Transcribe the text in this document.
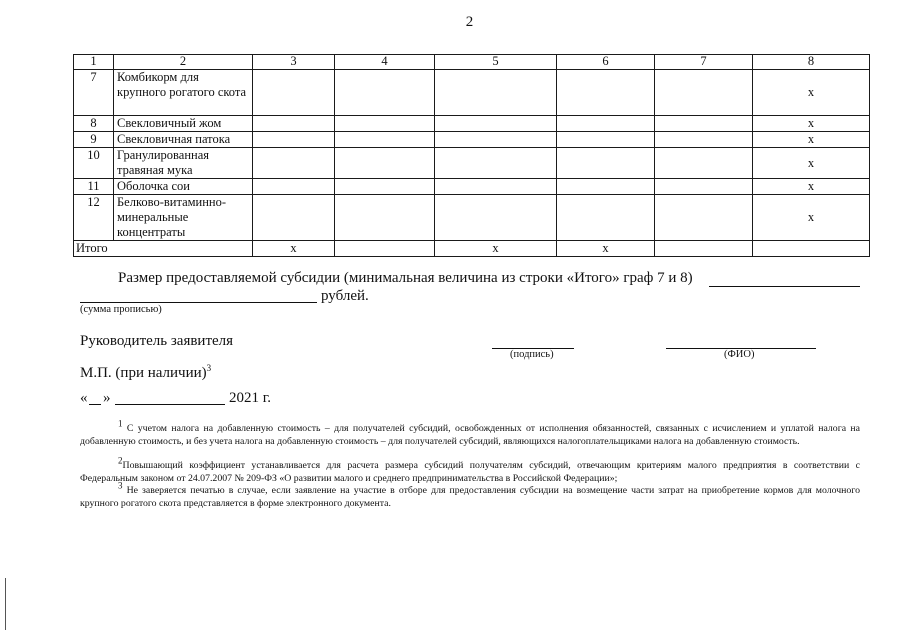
2
1	2	3	4	5	6	7	8
7	Комбикорм для крупного рогатого скота						x
8	Свекловичный жом						x
9	Свекловичная патока						x
10	Гранулированная травяная мука						x
11	Оболочка сои						x
12	Белково-витаминно-минеральные концентраты						x
Итого		x		x	x		
Размер предоставляемой субсидии (минимальная величина из строки «Итого» граф 7 и 8)
рублей.
(сумма прописью)
Руководитель заявителя
(подпись)	(ФИО)
М.П. (при наличии)$^3$
« »	2021 г.
$^1$ С учетом налога на добавленную стоимость – для получателей субсидий, освобожденных от исполнения обязанностей, связанных с исчислением и уплатой налога на добавленную стоимость, и без учета налога на добавленную стоимость – для получателей субсидий, являющихся налогоплательщиками налога на добавленную стоимость.
$^2$Повышающий коэффициент устанавливается для расчета размера субсидий получателям субсидий, отвечающим критериям малого предприятия в соответствии с Федеральным законом от 24.07.2007 № 209-ФЗ «О развитии малого и среднего предпринимательства в Российской Федерации»;
$^3$ Не заверяется печатью в случае, если заявление на участие в отборе для предоставления субсидии на возмещение части затрат на приобретение кормов для молочного крупного рогатого скота представляется в форме электронного документа.
